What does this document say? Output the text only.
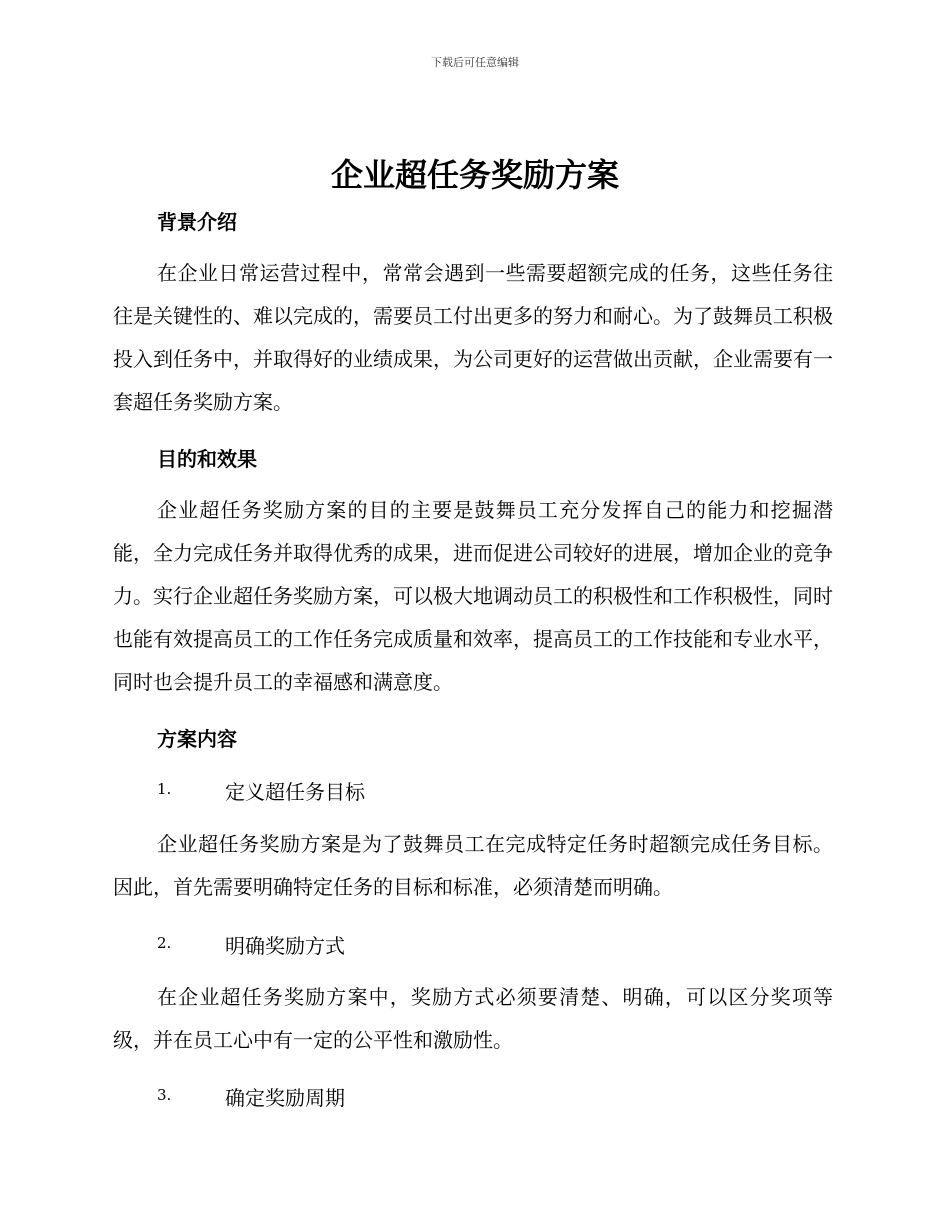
下载后可任意编辑
企业超任务奖励方案
背景介绍
在企业日常运营过程中，常常会遇到一些需要超额完成的任务，这些任务往往是关键性的、难以完成的，需要员工付出更多的努力和耐心。为了鼓舞员工积极投入到任务中，并取得好的业绩成果，为公司更好的运营做出贡献，企业需要有一套超任务奖励方案。
目的和效果
企业超任务奖励方案的目的主要是鼓舞员工充分发挥自己的能力和挖掘潜能，全力完成任务并取得优秀的成果，进而促进公司较好的进展，增加企业的竞争力。实行企业超任务奖励方案，可以极大地调动员工的积极性和工作积极性，同时也能有效提高员工的工作任务完成质量和效率，提高员工的工作技能和专业水平，同时也会提升员工的幸福感和满意度。
方案内容
1.	定义超任务目标
企业超任务奖励方案是为了鼓舞员工在完成特定任务时超额完成任务目标。因此，首先需要明确特定任务的目标和标准，必须清楚而明确。
2.	明确奖励方式
在企业超任务奖励方案中，奖励方式必须要清楚、明确，可以区分奖项等级，并在员工心中有一定的公平性和激励性。
3.	确定奖励周期
